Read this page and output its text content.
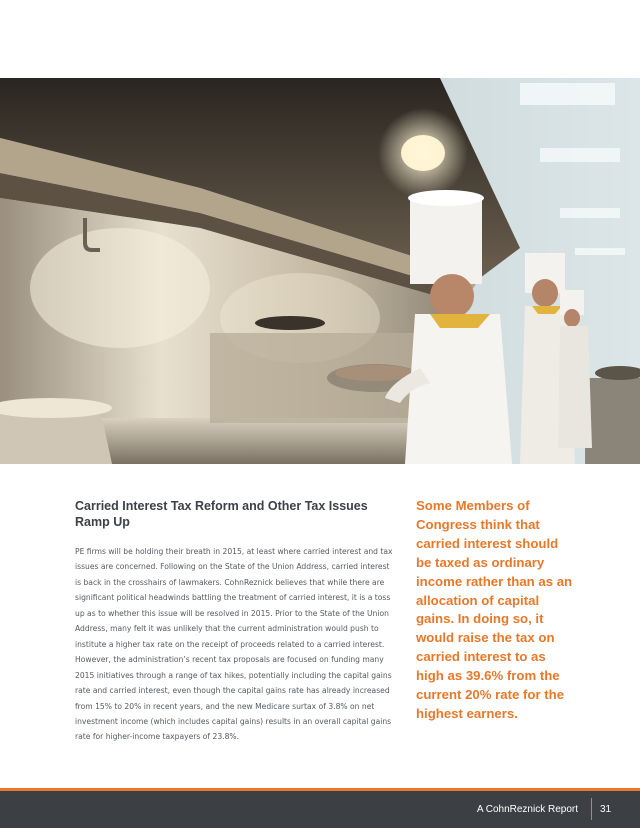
Carried Interest Tax Reform and Other Tax Issues Ramp Up

PE firms will be holding their breath in 2015, at least where carried interest and tax issues are concerned. Following on the State of the Union Address, carried interest is back in the crosshairs of lawmakers. CohnReznick believes that while there are significant political headwinds battling the treatment of carried interest, it is a toss up as to whether this issue will be resolved in 2015. Prior to the State of the Union Address, many felt it was unlikely that the current administration would push to institute a higher tax rate on the receipt of proceeds related to a carried interest. However, the administration’s recent tax proposals are focused on funding many 2015 initiatives through a range of tax hikes, potentially including the capital gains rate and carried interest, even though the capital gains rate has already increased from 15% to 20% in recent years, and the new Medicare surtax of 3.8% on net investment income (which includes capital gains) results in an overall capital gains rate for higher-income taxpayers of 23.8%.

Some Members of Congress think that carried interest should be taxed as ordinary income rather than as an allocation of capital gains. In doing so, it would raise the tax on carried interest to as high as 39.6% from the current 20% rate for the highest earners.
A CohnReznick Report 31
